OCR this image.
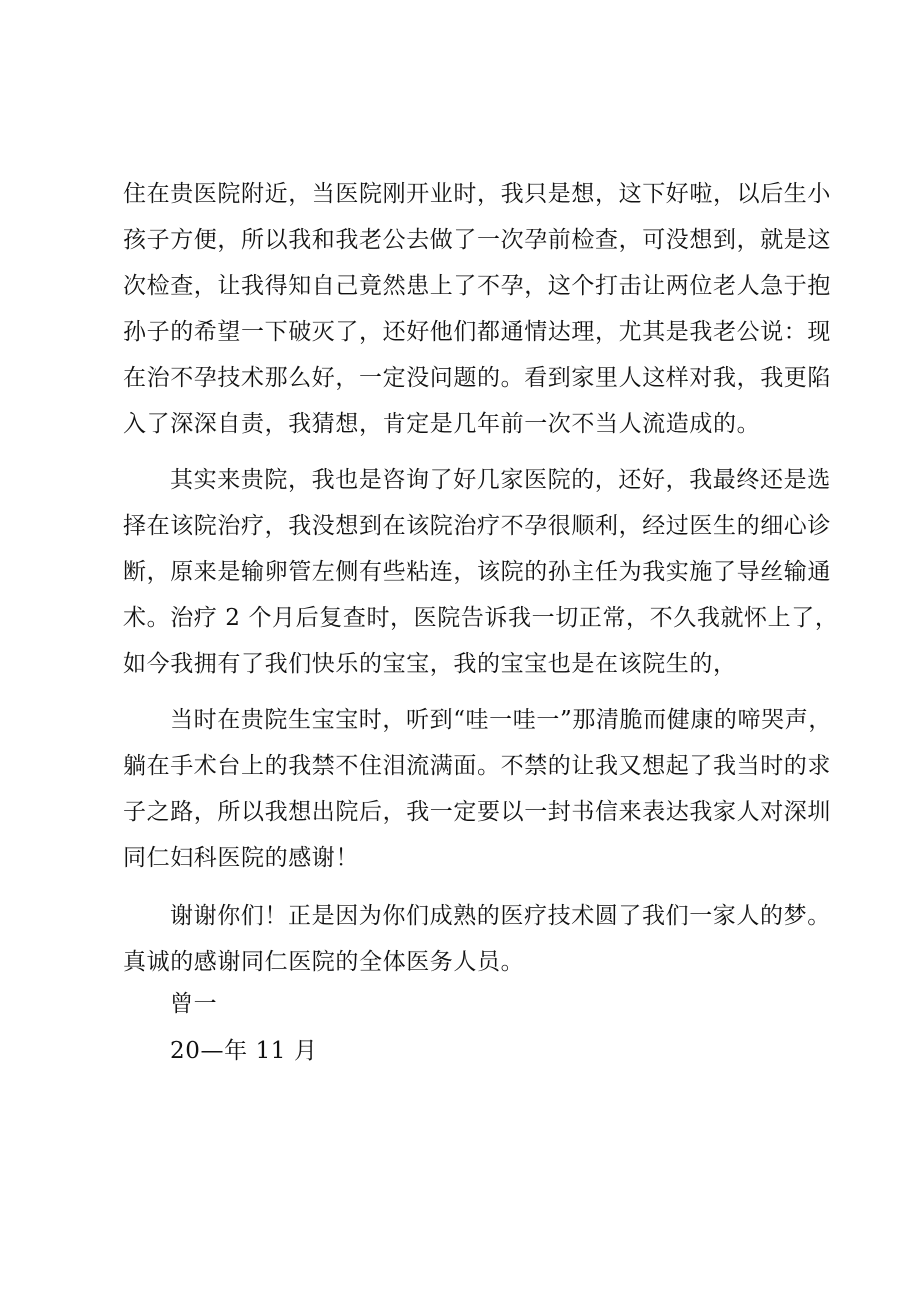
住在贵医院附近，当医院刚开业时，我只是想，这下好啦，以后生小
孩子方便，所以我和我老公去做了一次孕前检查，可没想到，就是这
次检查，让我得知自己竟然患上了不孕，这个打击让两位老人急于抱
孙子的希望一下破灭了，还好他们都通情达理，尤其是我老公说：现
在治不孕技术那么好，一定没问题的。看到家里人这样对我，我更陷
入了深深自责，我猜想，肯定是几年前一次不当人流造成的。
其实来贵院，我也是咨询了好几家医院的，还好，我最终还是选
择在该院治疗，我没想到在该院治疗不孕很顺利，经过医生的细心诊
断，原来是输卵管左侧有些粘连，该院的孙主任为我实施了导丝输通
术。治疗 2 个月后复查时，医院告诉我一切正常，不久我就怀上了，
如今我拥有了我们快乐的宝宝，我的宝宝也是在该院生的，
当时在贵院生宝宝时，听到“哇一哇一”那清脆而健康的啼哭声，
躺在手术台上的我禁不住泪流满面。不禁的让我又想起了我当时的求
子之路，所以我想出院后，我一定要以一封书信来表达我家人对深圳
同仁妇科医院的感谢！
谢谢你们！正是因为你们成熟的医疗技术圆了我们一家人的梦。
真诚的感谢同仁医院的全体医务人员。
曾一
20—年 11 月
